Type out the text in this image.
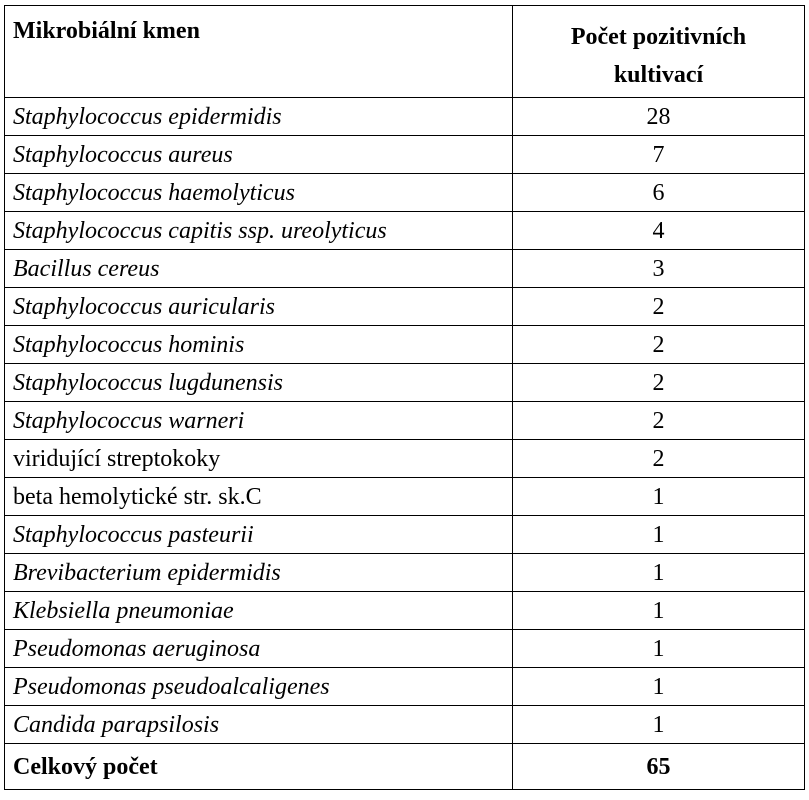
Mikrobiální kmen	Počet pozitivních
kultivací

Staphylococcus epidermidis	28
Staphylococcus aureus	7
Staphylococcus haemolyticus	6
Staphylococcus capitis ssp. ureolyticus	4
Bacillus cereus	3
Staphylococcus auricularis	2
Staphylococcus hominis	2
Staphylococcus lugdunensis	2
Staphylococcus warneri	2
viridující streptokoky	2
beta hemolytické str. sk.C	1
Staphylococcus pasteurii	1
Brevibacterium epidermidis	1
Klebsiella pneumoniae	1
Pseudomonas aeruginosa	1
Pseudomonas pseudoalcaligenes	1
Candida parapsilosis	1
Celkový počet	65
